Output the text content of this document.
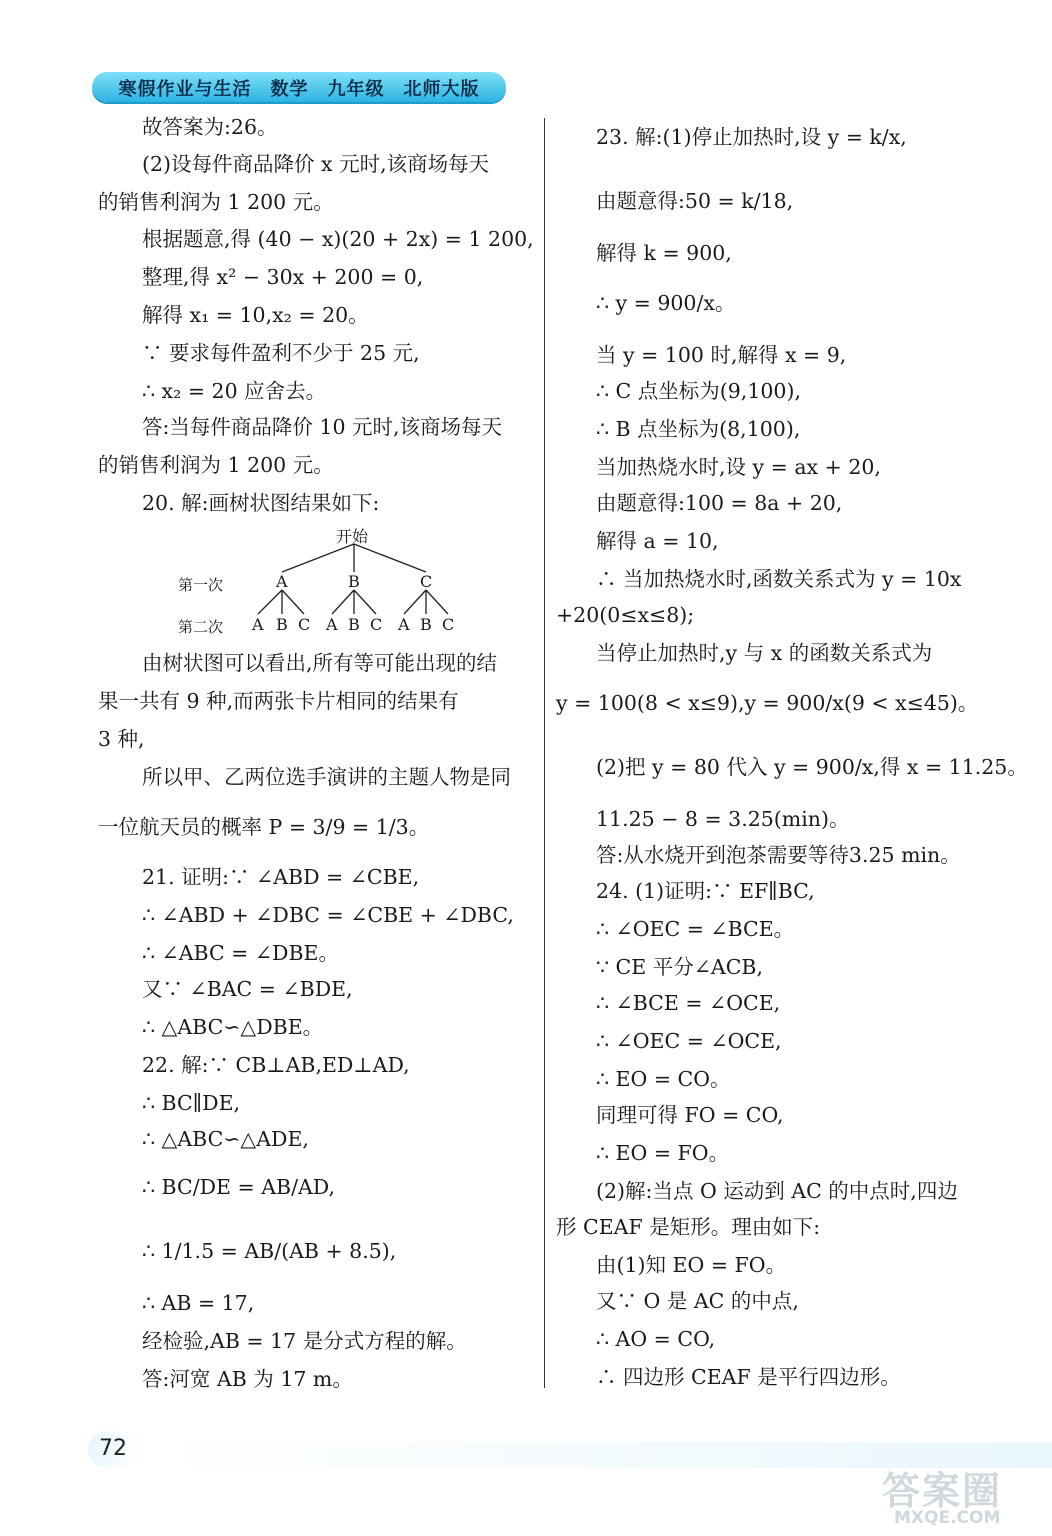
寒假作业与生活　数学　九年级　北师大版
故答案为:26。
(2)设每件商品降价 x 元时,该商场每天
的销售利润为 1 200 元。
根据题意,得 (40 − x)(20 + 2x) = 1 200,
整理,得 x² − 30x + 200 = 0,
解得 x₁ = 10,x₂ = 20。
∵ 要求每件盈利不少于 25 元,
∴ x₂ = 20 应舍去。
答:当每件商品降价 10 元时,该商场每天
的销售利润为 1 200 元。
20. 解:画树状图结果如下:
由树状图可以看出,所有等可能出现的结
果一共有 9 种,而两张卡片相同的结果有
3 种,
所以甲、乙两位选手演讲的主题人物是同
一位航天员的概率 P = 3/9 = 1/3。
21. 证明:∵ ∠ABD = ∠CBE,
∴ ∠ABD + ∠DBC = ∠CBE + ∠DBC,
∴ ∠ABC = ∠DBE。
又∵ ∠BAC = ∠BDE,
∴ △ABC∽△DBE。
22. 解:∵ CB⊥AB,ED⊥AD,
∴ BC∥DE,
∴ △ABC∽△ADE,
∴ BC/DE = AB/AD,
∴ 1/1.5 = AB/(AB + 8.5),
∴ AB = 17,
经检验,AB = 17 是分式方程的解。
答:河宽 AB 为 17 m。
开始
第一次
第二次
A	B	C
A B C A B C A B C
23. 解:(1)停止加热时,设 y = k/x,
由题意得:50 = k/18,
解得 k = 900,
∴ y = 900/x。
当 y = 100 时,解得 x = 9,
∴ C 点坐标为(9,100),
∴ B 点坐标为(8,100),
当加热烧水时,设 y = ax + 20,
由题意得:100 = 8a + 20,
解得 a = 10,
∴ 当加热烧水时,函数关系式为 y = 10x
+20(0≤x≤8);
当停止加热时,y 与 x 的函数关系式为
y = 100(8 < x≤9),y = 900/x(9 < x≤45)。
(2)把 y = 80 代入 y = 900/x,得 x = 11.25。
11.25 − 8 = 3.25(min)。
答:从水烧开到泡茶需要等待3.25 min。
24. (1)证明:∵ EF∥BC,
∴ ∠OEC = ∠BCE。
∵ CE 平分∠ACB,
∴ ∠BCE = ∠OCE,
∴ ∠OEC = ∠OCE,
∴ EO = CO。
同理可得 FO = CO,
∴ EO = FO。
(2)解:当点 O 运动到 AC 的中点时,四边
形 CEAF 是矩形。理由如下:
由(1)知 EO = FO。
又∵ O 是 AC 的中点,
∴ AO = CO,
∴ 四边形 CEAF 是平行四边形。
72
答案圈
MXQE.COM
